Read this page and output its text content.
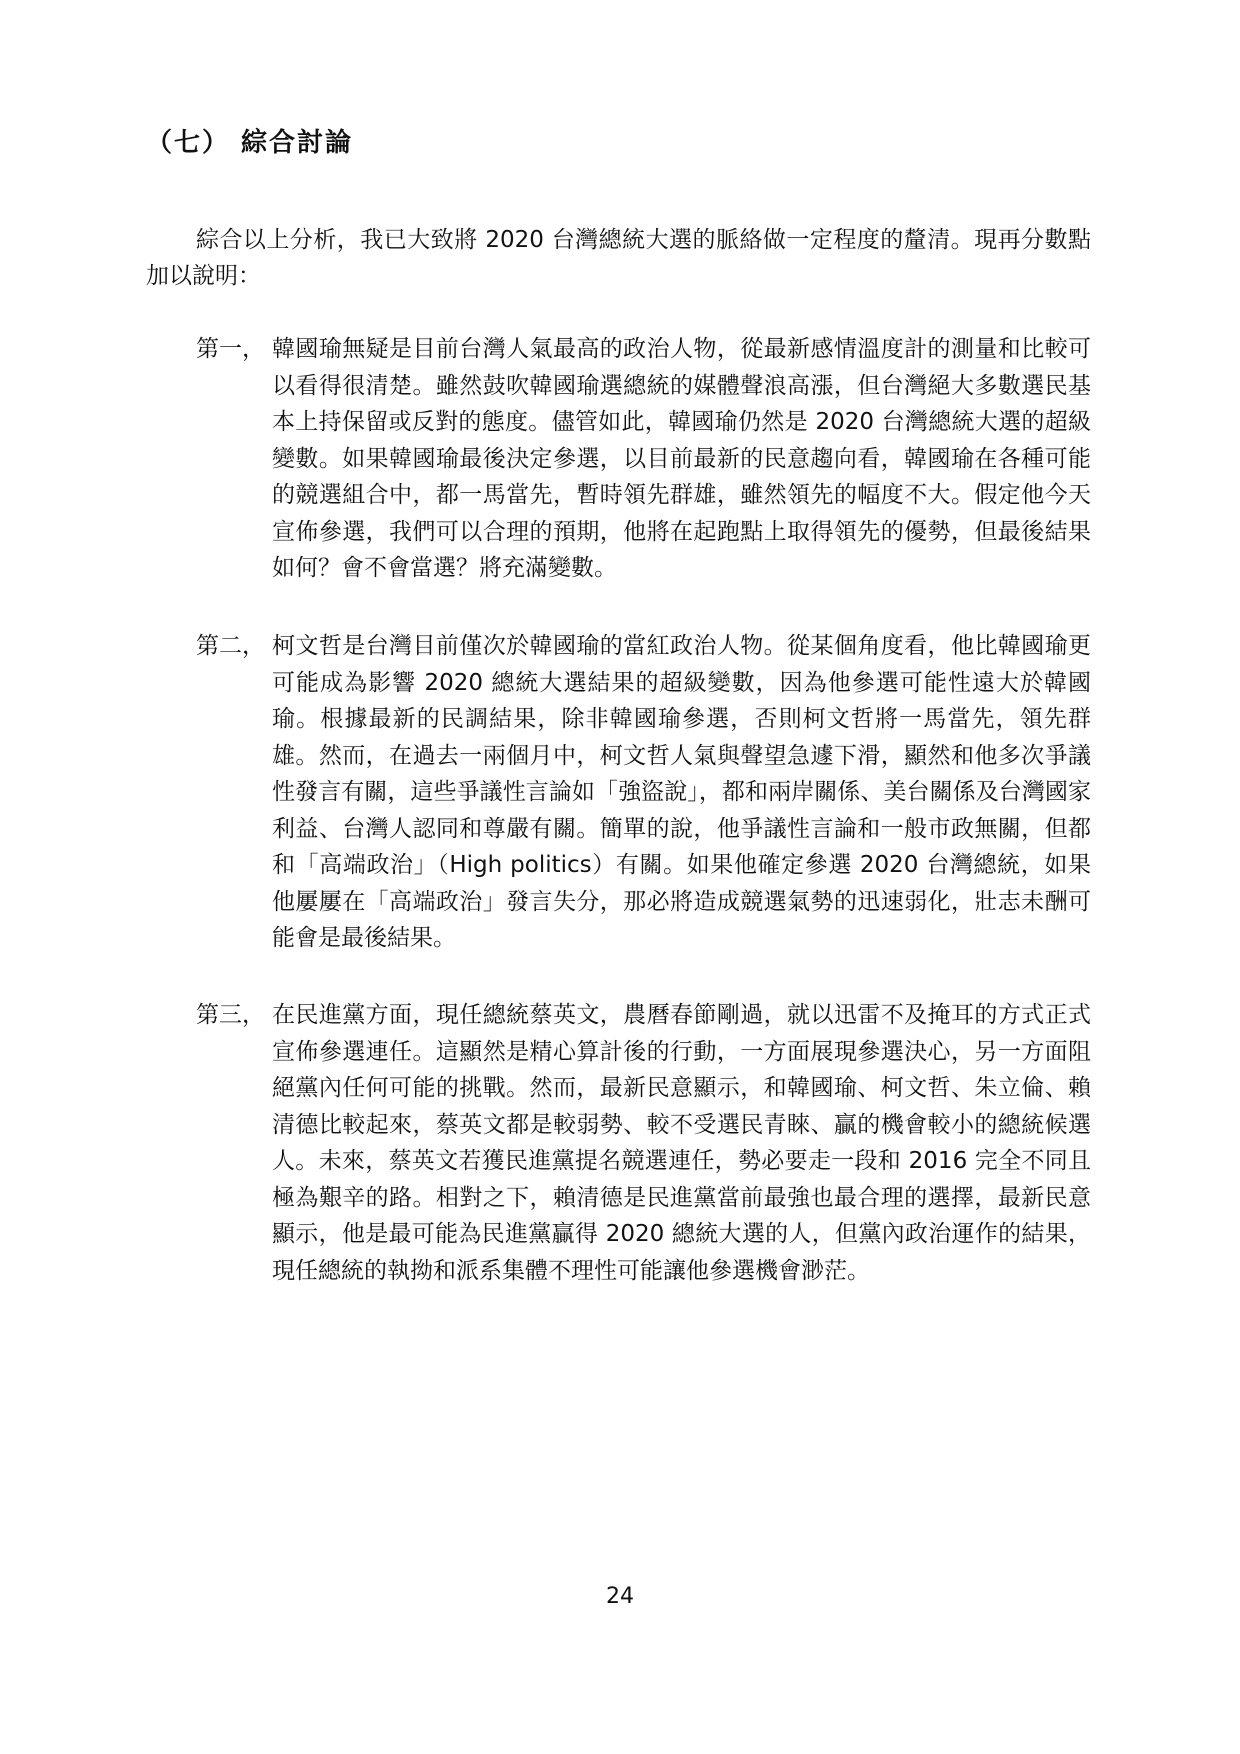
（七） 綜合討論

綜合以上分析，我已大致將 2020 台灣總統大選的脈絡做一定程度的釐清。現再分數點加以說明：

第一， 韓國瑜無疑是目前台灣人氣最高的政治人物，從最新感情溫度計的測量和比較可以看得很清楚。雖然鼓吹韓國瑜選總統的媒體聲浪高漲，但台灣絕大多數選民基本上持保留或反對的態度。儘管如此，韓國瑜仍然是 2020 台灣總統大選的超級變數。如果韓國瑜最後決定參選，以目前最新的民意趨向看，韓國瑜在各種可能的競選組合中，都一馬當先，暫時領先群雄，雖然領先的幅度不大。假定他今天宣佈參選，我們可以合理的預期，他將在起跑點上取得領先的優勢，但最後結果如何？會不會當選？將充滿變數。
第二， 柯文哲是台灣目前僅次於韓國瑜的當紅政治人物。從某個角度看，他比韓國瑜更可能成為影響 2020 總統大選結果的超級變數，因為他參選可能性遠大於韓國瑜。根據最新的民調結果，除非韓國瑜參選，否則柯文哲將一馬當先，領先群雄。然而，在過去一兩個月中，柯文哲人氣與聲望急遽下滑，顯然和他多次爭議性發言有關，這些爭議性言論如「強盜說」，都和兩岸關係、美台關係及台灣國家利益、台灣人認同和尊嚴有關。簡單的說，他爭議性言論和一般市政無關，但都和「高端政治」（High politics）有關。如果他確定參選 2020 台灣總統，如果他屢屢在「高端政治」發言失分，那必將造成競選氣勢的迅速弱化，壯志未酬可能會是最後結果。
第三， 在民進黨方面，現任總統蔡英文，農曆春節剛過，就以迅雷不及掩耳的方式正式宣佈參選連任。這顯然是精心算計後的行動，一方面展現參選決心，另一方面阻絕黨內任何可能的挑戰。然而，最新民意顯示，和韓國瑜、柯文哲、朱立倫、賴清德比較起來，蔡英文都是較弱勢、較不受選民青睞、贏的機會較小的總統候選人。未來，蔡英文若獲民進黨提名競選連任，勢必要走一段和 2016 完全不同且極為艱辛的路。相對之下，賴清德是民進黨當前最強也最合理的選擇，最新民意顯示，他是最可能為民進黨贏得 2020 總統大選的人，但黨內政治運作的結果，現任總統的執拗和派系集體不理性可能讓他參選機會渺茫。
24
